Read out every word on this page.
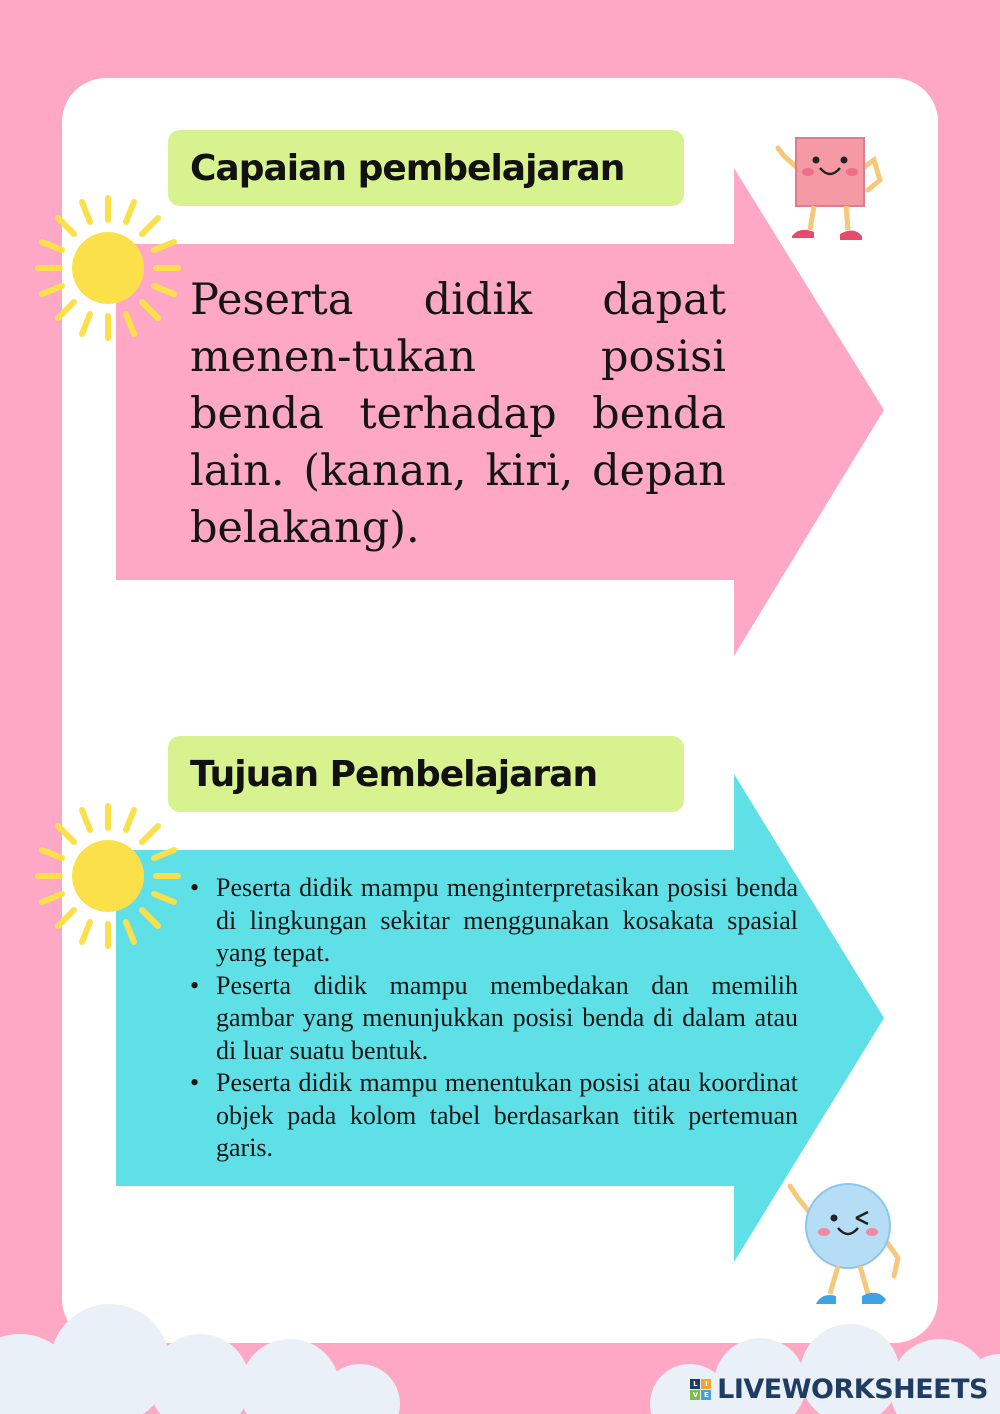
Capaian pembelajaran
Peserta didik dapat menen-tukan posisi benda terhadap benda lain. (kanan, kiri, depan belakang).
Tujuan Pembelajaran
• Peserta didik mampu menginterpretasikan posisi benda di lingkungan sekitar menggunakan kosakata spasial yang tepat.
• Peserta didik mampu membedakan dan memilih gambar yang menunjukkan posisi benda di dalam atau di luar suatu bentuk.
• Peserta didik mampu menentukan posisi atau koordinat objek pada kolom tabel berdasarkan titik pertemuan garis.
L	I
V E LIVEWORKSHEETS
